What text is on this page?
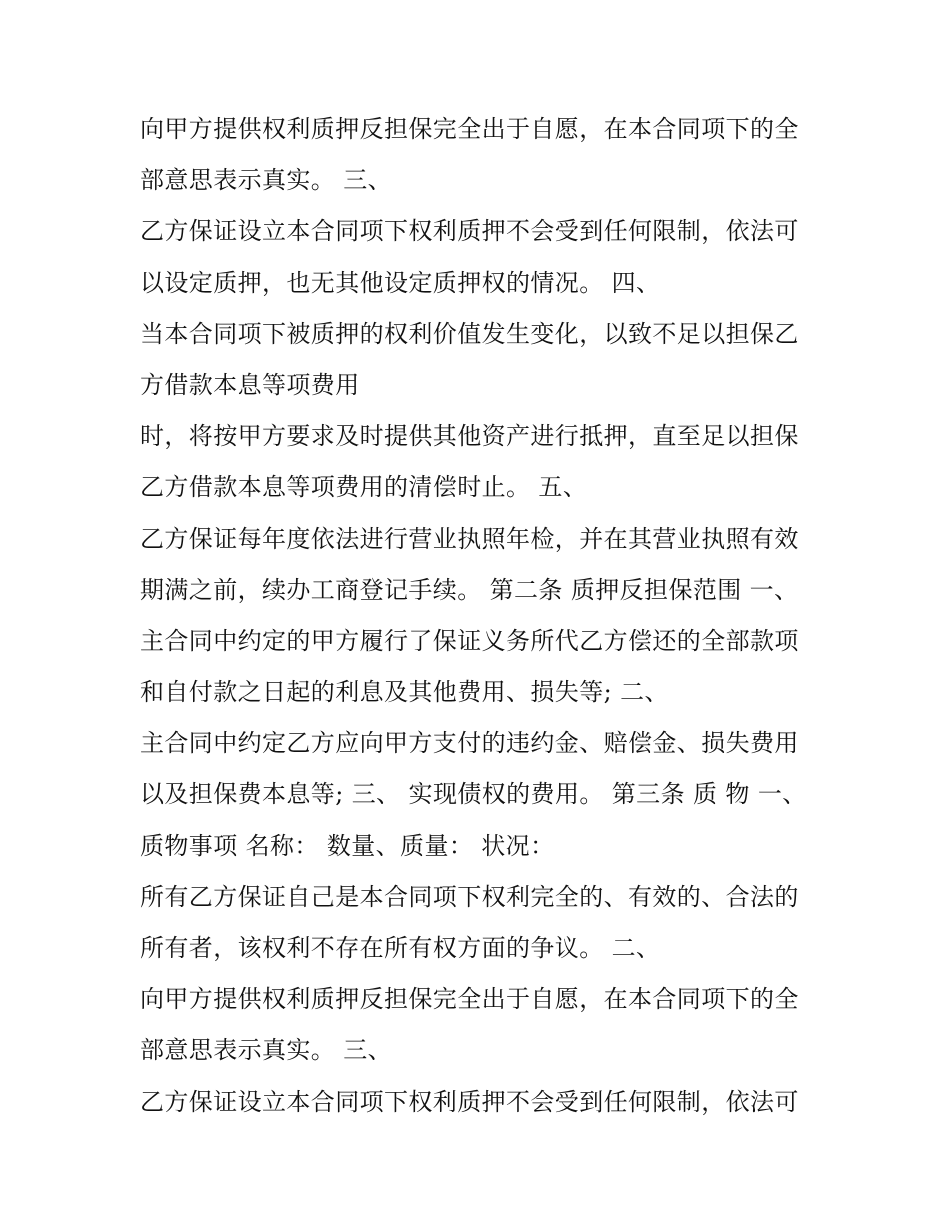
向甲方提供权利质押反担保完全出于自愿，在本合同项下的全
部意思表示真实。 三、
乙方保证设立本合同项下权利质押不会受到任何限制，依法可
以设定质押，也无其他设定质押权的情况。 四、
当本合同项下被质押的权利价值发生变化，以致不足以担保乙
方借款本息等项费用
时，将按甲方要求及时提供其他资产进行抵押，直至足以担保
乙方借款本息等项费用的清偿时止。 五、
乙方保证每年度依法进行营业执照年检，并在其营业执照有效
期满之前，续办工商登记手续。 第二条 质押反担保范围 一、
主合同中约定的甲方履行了保证义务所代乙方偿还的全部款项
和自付款之日起的利息及其他费用、损失等; 二、
主合同中约定乙方应向甲方支付的违约金、赔偿金、损失费用
以及担保费本息等; 三、 实现债权的费用。 第三条 质 物 一、
质物事项 名称： 数量、质量： 状况：
所有乙方保证自己是本合同项下权利完全的、有效的、合法的
所有者，该权利不存在所有权方面的争议。 二、
向甲方提供权利质押反担保完全出于自愿，在本合同项下的全
部意思表示真实。 三、
乙方保证设立本合同项下权利质押不会受到任何限制，依法可
